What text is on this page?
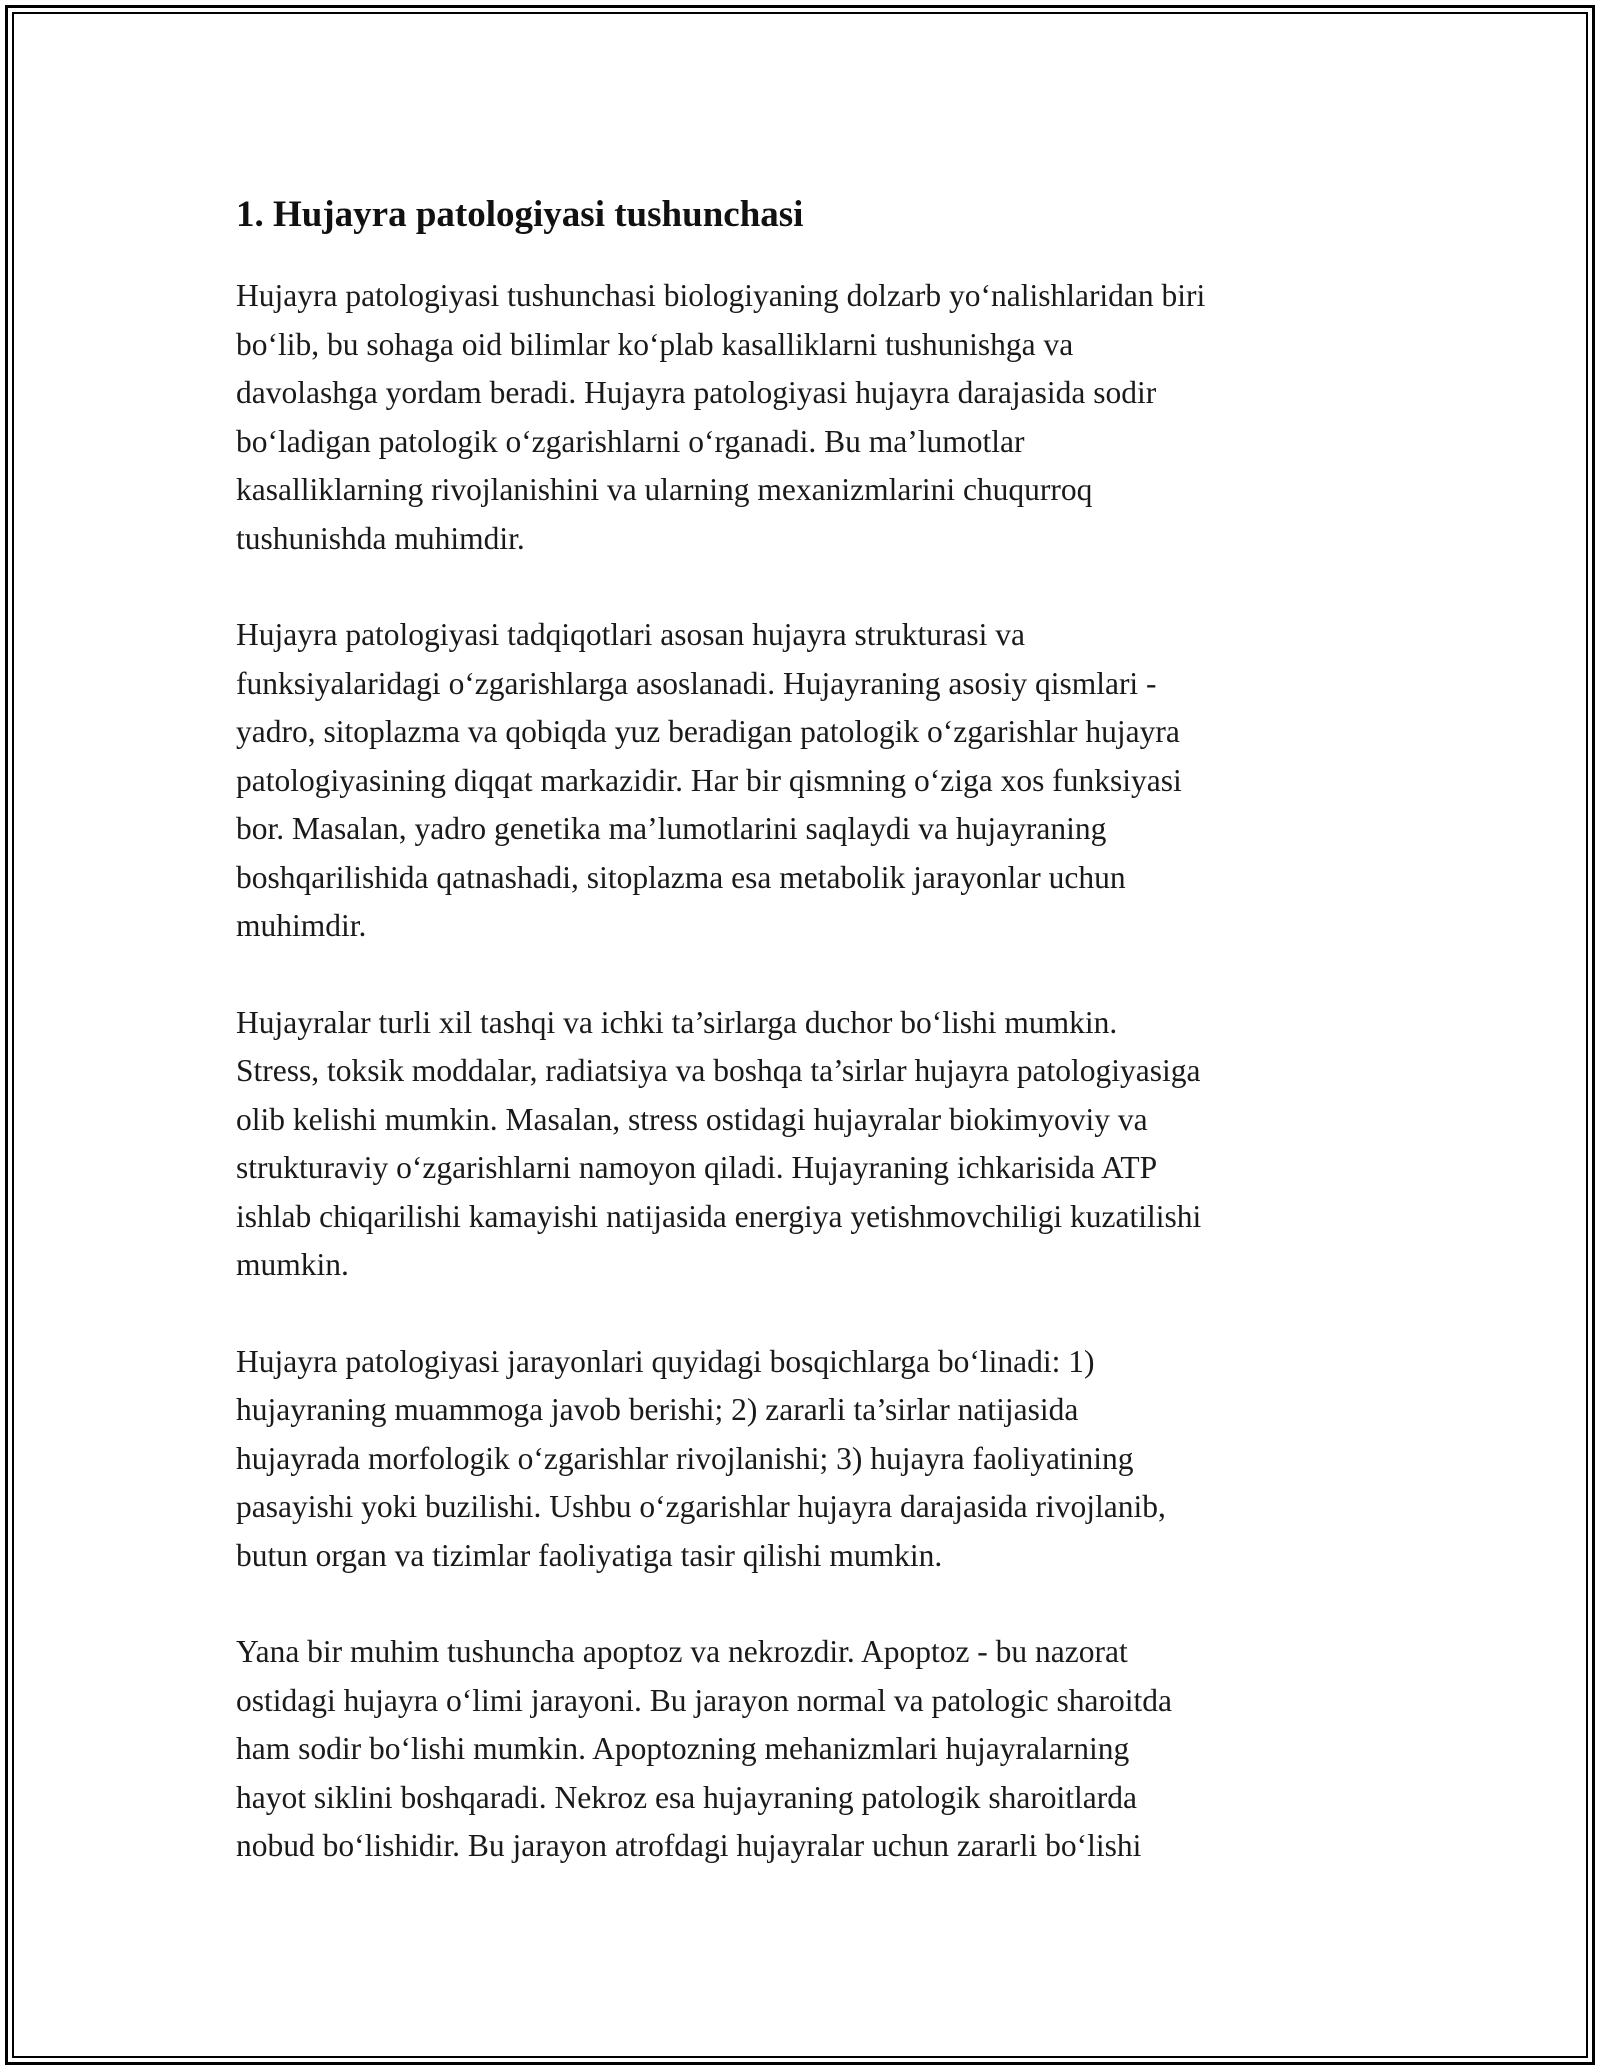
1. Hujayra patologiyasi tushunchasi

Hujayra patologiyasi tushunchasi biologiyaning dolzarb yo‘nalishlaridan biri
bo‘lib, bu sohaga oid bilimlar ko‘plab kasalliklarni tushunishga va
davolashga yordam beradi. Hujayra patologiyasi hujayra darajasida sodir
bo‘ladigan patologik o‘zgarishlarni o‘rganadi. Bu ma’lumotlar
kasalliklarning rivojlanishini va ularning mexanizmlarini chuqurroq
tushunishda muhimdir.

Hujayra patologiyasi tadqiqotlari asosan hujayra strukturasi va
funksiyalaridagi o‘zgarishlarga asoslanadi. Hujayraning asosiy qismlari -
yadro, sitoplazma va qobiqda yuz beradigan patologik o‘zgarishlar hujayra
patologiyasining diqqat markazidir. Har bir qismning o‘ziga xos funksiyasi
bor. Masalan, yadro genetika ma’lumotlarini saqlaydi va hujayraning
boshqarilishida qatnashadi, sitoplazma esa metabolik jarayonlar uchun
muhimdir.

Hujayralar turli xil tashqi va ichki ta’sirlarga duchor bo‘lishi mumkin.
Stress, toksik moddalar, radiatsiya va boshqa ta’sirlar hujayra patologiyasiga
olib kelishi mumkin. Masalan, stress ostidagi hujayralar biokimyoviy va
strukturaviy o‘zgarishlarni namoyon qiladi. Hujayraning ichkarisida ATP
ishlab chiqarilishi kamayishi natijasida energiya yetishmovchiligi kuzatilishi
mumkin.

Hujayra patologiyasi jarayonlari quyidagi bosqichlarga bo‘linadi: 1)
hujayraning muammoga javob berishi; 2) zararli ta’sirlar natijasida
hujayrada morfologik o‘zgarishlar rivojlanishi; 3) hujayra faoliyatining
pasayishi yoki buzilishi. Ushbu o‘zgarishlar hujayra darajasida rivojlanib,
butun organ va tizimlar faoliyatiga tasir qilishi mumkin.

Yana bir muhim tushuncha apoptoz va nekrozdir. Apoptoz - bu nazorat
ostidagi hujayra o‘limi jarayoni. Bu jarayon normal va patologic sharoitda
ham sodir bo‘lishi mumkin. Apoptozning mehanizmlari hujayralarning
hayot siklini boshqaradi. Nekroz esa hujayraning patologik sharoitlarda
nobud bo‘lishidir. Bu jarayon atrofdagi hujayralar uchun zararli bo‘lishi
